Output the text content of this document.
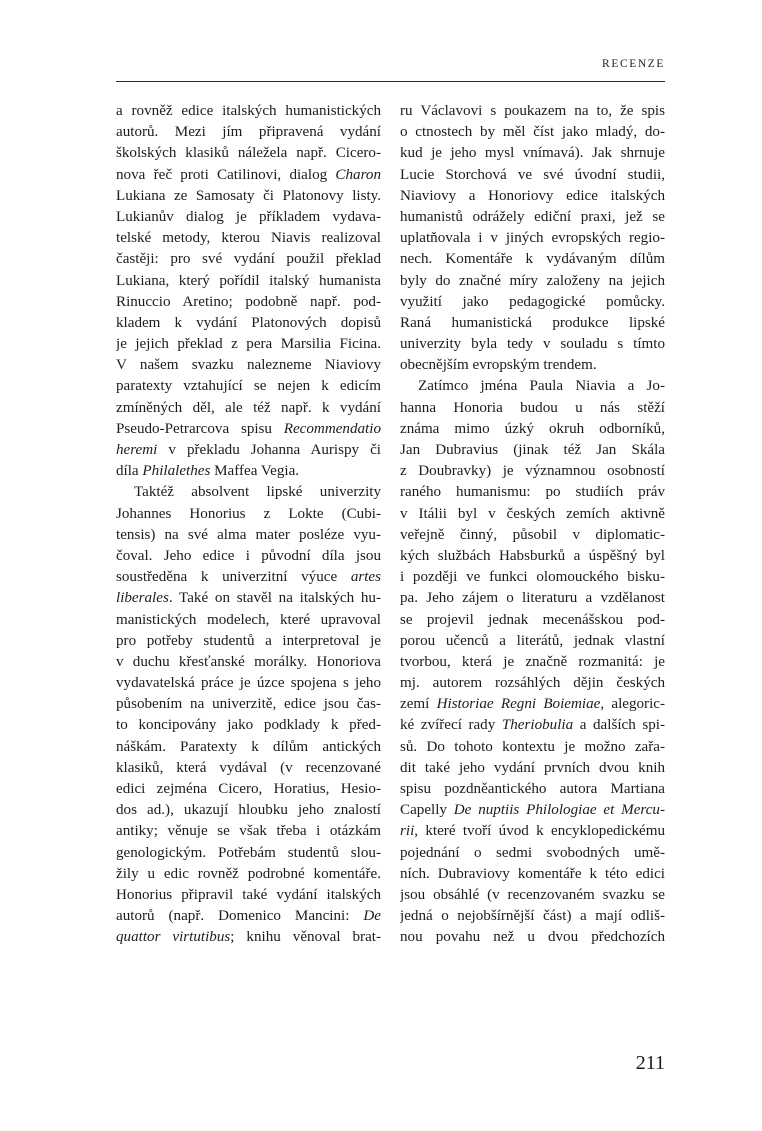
RECENZE
a rovněž edice italských humanistických
autorů. Mezi jím připravená vydání
školských klasiků náležela např. Cicero-
nova řeč proti Catilinovi, dialog Charon
Lukiana ze Samosaty či Platonovy listy.
Lukianův dialog je příkladem vydava-
telské metody, kterou Niavis realizoval
častěji: pro své vydání použil překlad
Lukiana, který pořídil italský humanista
Rinuccio Aretino; podobně např. pod-
kladem k vydání Platonových dopisů
je jejich překlad z pera Marsilia Ficina.
V našem svazku nalezneme Niaviovy
paratexty vztahující se nejen k edicím
zmíněných děl, ale též např. k vydání
Pseudo-Petrarcova spisu Recommendatio
heremi v překladu Johanna Aurispy či
díla Philalethes Maffea Vegia.
Taktéž absolvent lipské univerzity
Johannes Honorius z Lokte (Cubi-
tensis) na své alma mater posléze vyu-
čoval. Jeho edice i původní díla jsou
soustředěna k univerzitní výuce artes
liberales. Také on stavěl na italských hu-
manistických modelech, které upravoval
pro potřeby studentů a interpretoval je
v duchu křesťanské morálky. Honoriova
vydavatelská práce je úzce spojena s jeho
působením na univerzitě, edice jsou čas-
to koncipovány jako podklady k před-
náškám. Paratexty k dílům antických
klasiků, která vydával (v recenzované
edici zejména Cicero, Horatius, Hesio-
dos ad.), ukazují hloubku jeho znalostí
antiky; věnuje se však třeba i otázkám
genologickým. Potřebám studentů slou-
žily u edic rovněž podrobné komentáře.
Honorius připravil také vydání italských
autorů (např. Domenico Mancini: De
quattor virtutibus; knihu věnoval brat-
ru Václavovi s poukazem na to, že spis
o ctnostech by měl číst jako mladý, do-
kud je jeho mysl vnímavá). Jak shrnuje
Lucie Storchová ve své úvodní studii,
Niaviovy a Honoriovy edice italských
humanistů odrážely ediční praxi, jež se
uplatňovala i v jiných evropských regio-
nech. Komentáře k vydávaným dílům
byly do značné míry založeny na jejich
využití jako pedagogické pomůcky.
Raná humanistická produkce lipské
univerzity byla tedy v souladu s tímto
obecnějším evropským trendem.
Zatímco jména Paula Niavia a Jo-
hanna Honoria budou u nás stěží
známa mimo úzký okruh odborníků,
Jan Dubravius (jinak též Jan Skála
z Doubravky) je významnou osobností
raného humanismu: po studiích práv
v Itálii byl v českých zemích aktivně
veřejně činný, působil v diplomatic-
kých službách Habsburků a úspěšný byl
i později ve funkci olomouckého bisku-
pa. Jeho zájem o literaturu a vzdělanost
se projevil jednak mecenášskou pod-
porou učenců a literátů, jednak vlastní
tvorbou, která je značně rozmanitá: je
mj. autorem rozsáhlých dějin českých
zemí Historiae Regni Boiemiae, alegoric-
ké zvířecí rady Theriobulia a dalších spi-
sů. Do tohoto kontextu je možno zařa-
dit také jeho vydání prvních dvou knih
spisu pozdněantického autora Martiana
Capelly De nuptiis Philologiae et Mercu-
rii, které tvoří úvod k encyklopedickému
pojednání o sedmi svobodných umě-
ních. Dubraviovy komentáře k této edici
jsou obsáhlé (v recenzovaném svazku se
jedná o nejobšírnější část) a mají odliš-
nou povahu než u dvou předchozích
211
